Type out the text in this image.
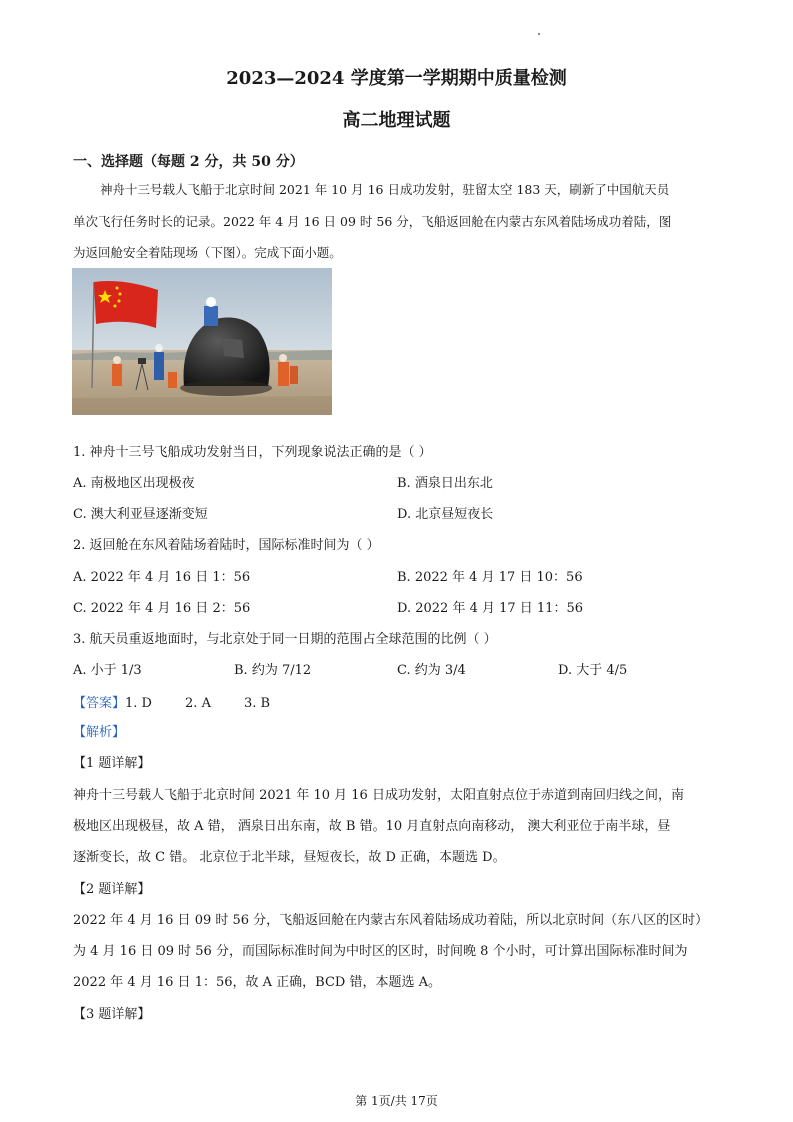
2023—2024 学度第一学期期中质量检测
高二地理试题
一、选择题（每题 2 分，共 50 分）
神舟十三号载人飞船于北京时间 2021 年 10 月 16 日成功发射，驻留太空 183 天，刷新了中国航天员
单次飞行任务时长的记录。2022 年 4 月 16 日 09 时 56 分，飞船返回舱在内蒙古东风着陆场成功着陆，图
为返回舱安全着陆现场（下图）。完成下面小题。
1. 神舟十三号飞船成功发射当日，下列现象说法正确的是（ ）
A. 南极地区出现极夜	B. 酒泉日出东北
C. 澳大利亚昼逐渐变短	D. 北京昼短夜长
2. 返回舱在东风着陆场着陆时，国际标准时间为（ ）
A. 2022 年 4 月 16 日 1：56	B. 2022 年 4 月 17 日 10：56
C. 2022 年 4 月 16 日 2：56	D. 2022 年 4 月 17 日 11：56
3. 航天员重返地面时，与北京处于同一日期的范围占全球范围的比例（ ）
A. 小于 1/3	B. 约为 7/12	C. 约为 3/4	D. 大于 4/5
【答案】1. D        2. A        3. B
【解析】
【1 题详解】
神舟十三号载人飞船于北京时间 2021 年 10 月 16 日成功发射，太阳直射点位于赤道到南回归线之间，南
极地区出现极昼，故 A 错， 酒泉日出东南，故 B 错。10 月直射点向南移动， 澳大利亚位于南半球，昼
逐渐变长，故 C 错。 北京位于北半球，昼短夜长，故 D 正确，本题选 D。
【2 题详解】
2022 年 4 月 16 日 09 时 56 分，飞船返回舱在内蒙古东风着陆场成功着陆，所以北京时间（东八区的区时）
为 4 月 16 日 09 时 56 分，而国际标准时间为中时区的区时，时间晚 8 个小时，可计算出国际标准时间为
2022 年 4 月 16 日 1：56，故 A 正确，BCD 错，本题选 A。
【3 题详解】
第 1页/共 17页
